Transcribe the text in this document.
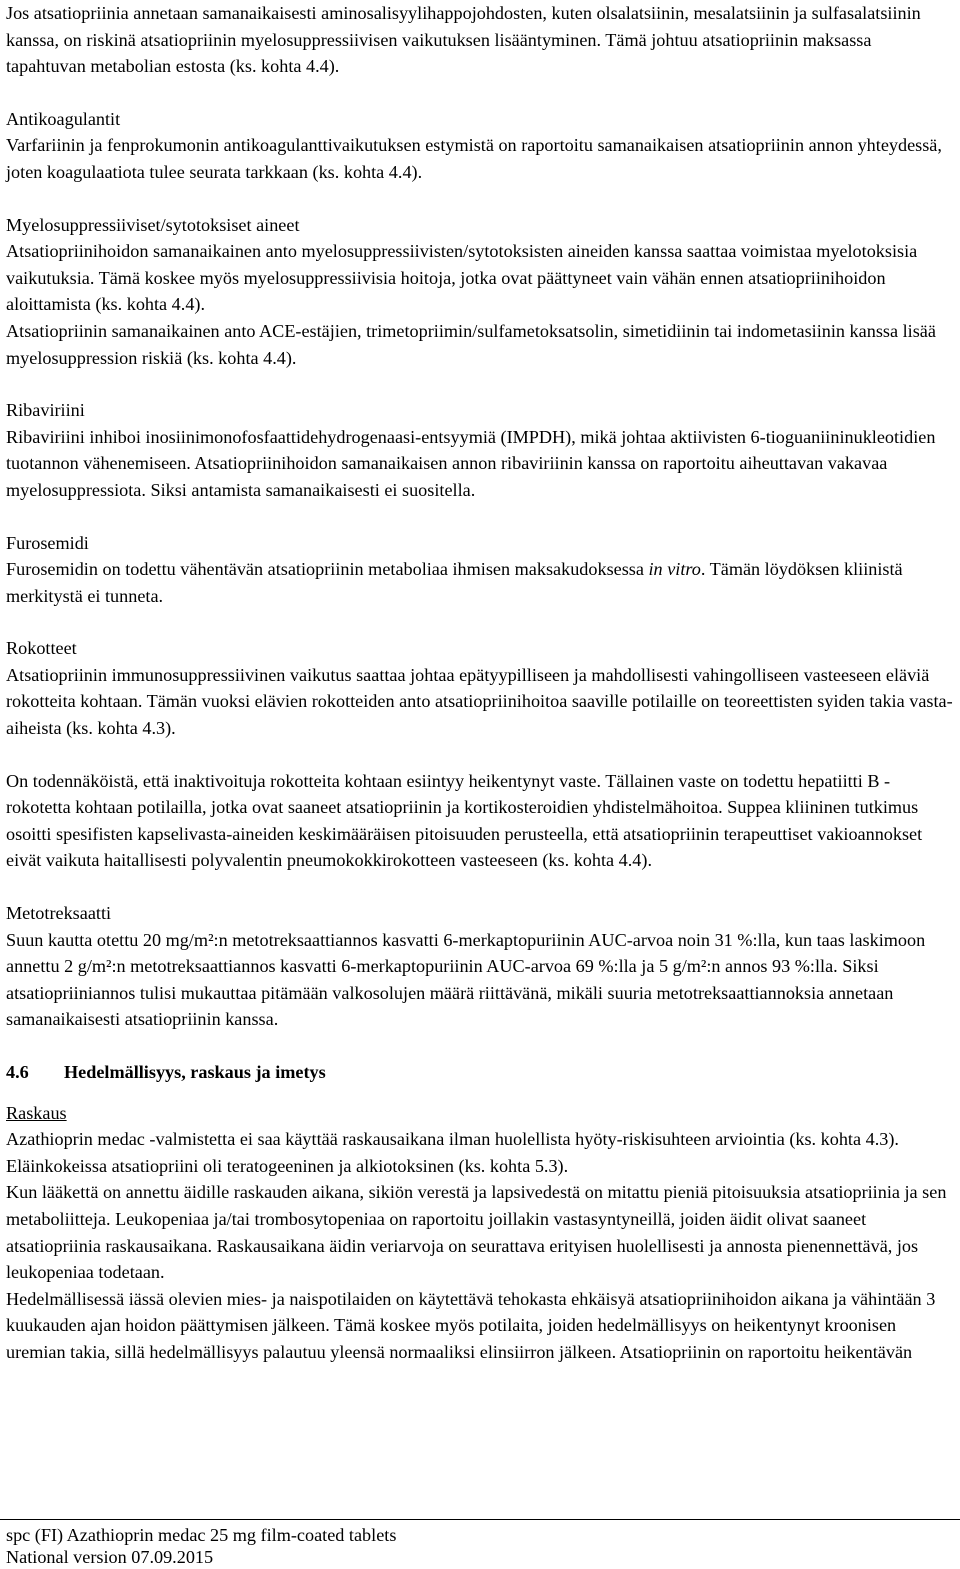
Jos atsatiopriinia annetaan samanaikaisesti aminosalisyylihappojohdosten, kuten olsalatsiinin, mesalatsiinin ja sulfasalatsiinin kanssa, on riskinä atsatiopriinin myelosuppressiivisen vaikutuksen lisääntyminen. Tämä johtuu atsatiopriinin maksassa tapahtuvan metabolian estosta (ks. kohta 4.4).

Antikoagulantit

Varfariinin ja fenprokumonin antikoagulanttivaikutuksen estymistä on raportoitu samanaikaisen atsatiopriinin annon yhteydessä, joten koagulaatiota tulee seurata tarkkaan (ks. kohta 4.4).

Myelosuppressiiviset/sytotoksiset aineet

Atsatiopriinihoidon samanaikainen anto myelosuppressiivisten/sytotoksisten aineiden kanssa saattaa voimistaa myelotoksisia vaikutuksia. Tämä koskee myös myelosuppressiivisia hoitoja, jotka ovat päättyneet vain vähän ennen atsatiopriinihoidon aloittamista (ks. kohta 4.4).

Atsatiopriinin samanaikainen anto ACE-estäjien, trimetopriimin/sulfametoksatsolin, simetidiinin tai indometasiinin kanssa lisää myelosuppression riskiä (ks. kohta 4.4).

Ribaviriini

Ribaviriini inhiboi inosiinimonofosfaattidehydrogenaasi-entsyymiä (IMPDH), mikä johtaa aktiivisten 6-tioguaniininukleotidien tuotannon vähenemiseen. Atsatiopriinihoidon samanaikaisen annon ribaviriinin kanssa on raportoitu aiheuttavan vakavaa myelosuppressiota. Siksi antamista samanaikaisesti ei suositella.

Furosemidi

Furosemidin on todettu vähentävän atsatiopriinin metaboliaa ihmisen maksakudoksessa in vitro. Tämän löydöksen kliinistä merkitystä ei tunneta.

Rokotteet

Atsatiopriinin immunosuppressiivinen vaikutus saattaa johtaa epätyypilliseen ja mahdollisesti vahingolliseen vasteeseen eläviä rokotteita kohtaan. Tämän vuoksi elävien rokotteiden anto atsatiopriinihoitoa saaville potilaille on teoreettisten syiden takia vasta-aiheista (ks. kohta 4.3).

On todennäköistä, että inaktivoituja rokotteita kohtaan esiintyy heikentynyt vaste. Tällainen vaste on todettu hepatiitti B -rokotetta kohtaan potilailla, jotka ovat saaneet atsatiopriinin ja kortikosteroidien yhdistelmähoitoa. Suppea kliininen tutkimus osoitti spesifisten kapselivasta-aineiden keskimääräisen pitoisuuden perusteella, että atsatiopriinin terapeuttiset vakioannokset eivät vaikuta haitallisesti polyvalentin pneumokokkirokotteen vasteeseen (ks. kohta 4.4).

Metotreksaatti

Suun kautta otettu 20 mg/m²:n metotreksaattiannos kasvatti 6-merkaptopuriinin AUC-arvoa noin 31 %:lla, kun taas laskimoon annettu 2 g/m²:n metotreksaattiannos kasvatti 6-merkaptopuriinin AUC-arvoa 69 %:lla ja 5 g/m²:n annos 93 %:lla. Siksi atsatiopriiniannos tulisi mukauttaa pitämään valkosolujen määrä riittävänä, mikäli suuria metotreksaattiannoksia annetaan samanaikaisesti atsatiopriinin kanssa.

4.6	Hedelmällisyys, raskaus ja imetys
Raskaus

Azathioprin medac -valmistetta ei saa käyttää raskausaikana ilman huolellista hyöty-riskisuhteen arviointia (ks. kohta 4.3).

Eläinkokeissa atsatiopriini oli teratogeeninen ja alkiotoksinen (ks. kohta 5.3).

Kun lääkettä on annettu äidille raskauden aikana, sikiön verestä ja lapsivedestä on mitattu pieniä pitoisuuksia atsatiopriinia ja sen metaboliitteja. Leukopeniaa ja/tai trombosytopeniaa on raportoitu joillakin vastasyntyneillä, joiden äidit olivat saaneet atsatiopriinia raskausaikana. Raskausaikana äidin veriarvoja on seurattava erityisen huolellisesti ja annosta pienennettävä, jos leukopeniaa todetaan.

Hedelmällisessä iässä olevien mies- ja naispotilaiden on käytettävä tehokasta ehkäisyä atsatiopriinihoidon aikana ja vähintään 3 kuukauden ajan hoidon päättymisen jälkeen. Tämä koskee myös potilaita, joiden hedelmällisyys on heikentynyt kroonisen uremian takia, sillä hedelmällisyys palautuu yleensä normaaliksi elinsiirron jälkeen. Atsatiopriinin on raportoitu heikentävän

spc (FI) Azathioprin medac 25 mg film-coated tablets
National version 07.09.2015
